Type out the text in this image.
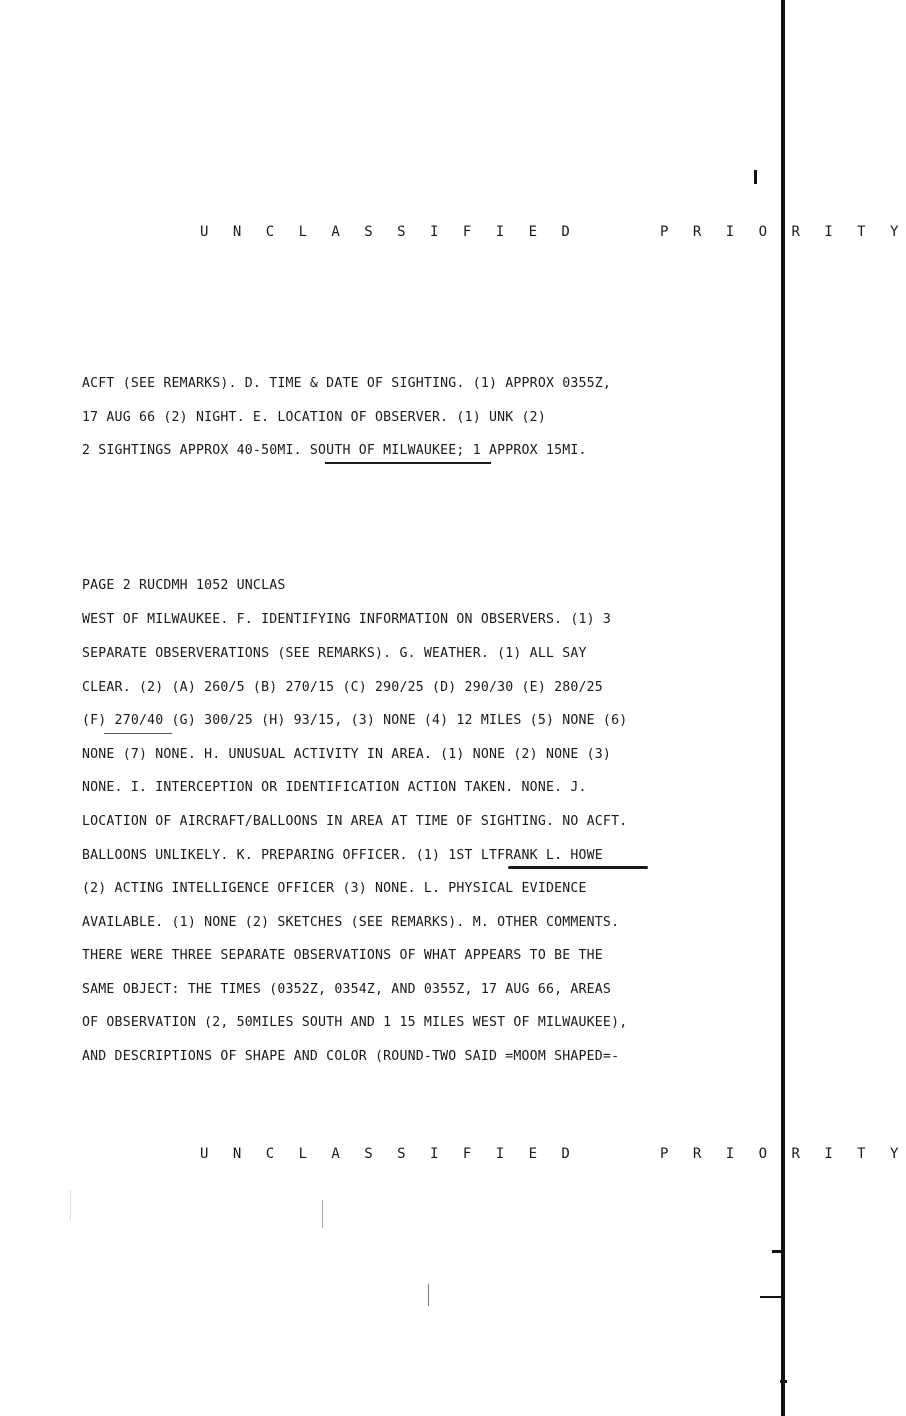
U N C L A S S I F I E D	P R I O R I T Y
ACFT (SEE REMARKS). D. TIME & DATE OF SIGHTING. (1) APPROX 0355Z,
17 AUG 66 (2) NIGHT. E. LOCATION OF OBSERVER. (1) UNK (2)
2 SIGHTINGS APPROX 40-50MI. SOUTH OF MILWAUKEE; 1 APPROX 15MI.
PAGE 2 RUCDMH 1052 UNCLAS
WEST OF MILWAUKEE. F. IDENTIFYING INFORMATION ON OBSERVERS. (1) 3
SEPARATE OBSERVERATIONS (SEE REMARKS). G. WEATHER. (1) ALL SAY
CLEAR. (2) (A) 260/5 (B) 270/15 (C) 290/25 (D) 290/30 (E) 280/25
(F) 270/40 (G) 300/25 (H) 93/15, (3) NONE (4) 12 MILES (5) NONE (6)
NONE (7) NONE. H. UNUSUAL ACTIVITY IN AREA. (1) NONE (2) NONE (3)
NONE. I. INTERCEPTION OR IDENTIFICATION ACTION TAKEN. NONE. J.
LOCATION OF AIRCRAFT/BALLOONS IN AREA AT TIME OF SIGHTING. NO ACFT.
BALLOONS UNLIKELY. K. PREPARING OFFICER. (1) 1ST LTFRANK L. HOWE
(2) ACTING INTELLIGENCE OFFICER (3) NONE. L. PHYSICAL EVIDENCE
AVAILABLE. (1) NONE (2) SKETCHES (SEE REMARKS). M. OTHER COMMENTS.
THERE WERE THREE SEPARATE OBSERVATIONS OF WHAT APPEARS TO BE THE
SAME OBJECT: THE TIMES (0352Z, 0354Z, AND 0355Z, 17 AUG 66, AREAS
OF OBSERVATION (2, 50MILES SOUTH AND 1 15 MILES WEST OF MILWAUKEE),
AND DESCRIPTIONS OF SHAPE AND COLOR (ROUND-TWO SAID =MOOM SHAPED=-
U N C L A S S I F I E D	P R I O R I T Y
